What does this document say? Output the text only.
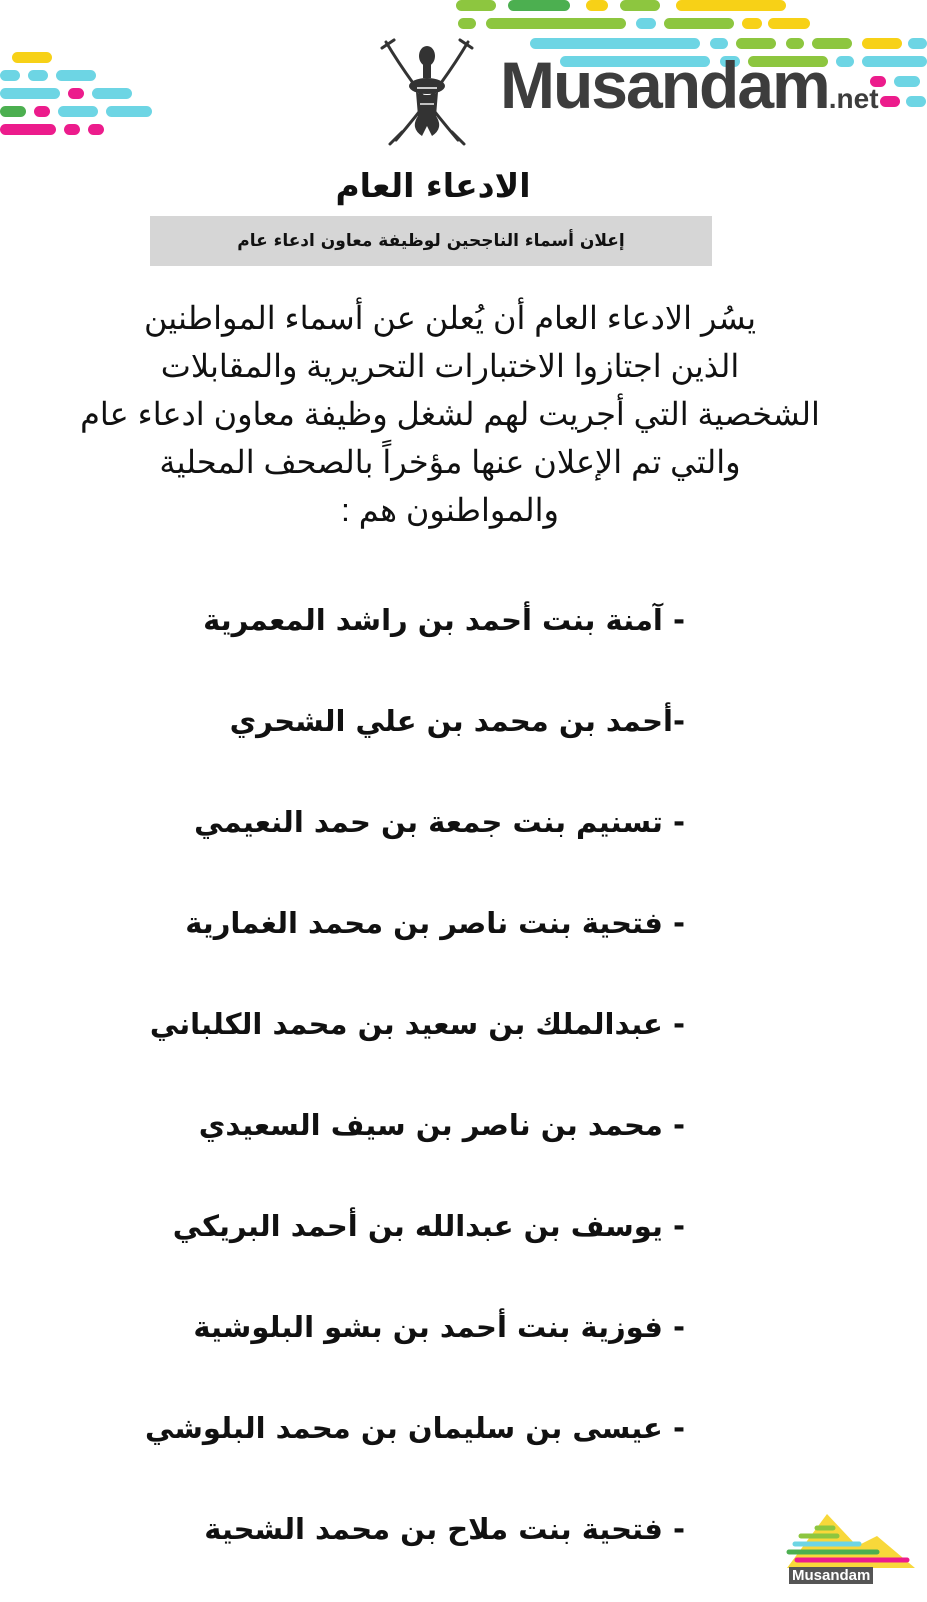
Musandam.net
الادعاء العام
إعلان أسماء الناجحين لوظيفة معاون ادعاء عام
يسُر الادعاء العام أن يُعلن عن أسماء المواطنين
الذين اجتازوا الاختبارات التحريرية والمقابلات
الشخصية التي أجريت لهم لشغل وظيفة معاون ادعاء عام
والتي تم الإعلان عنها مؤخراً بالصحف المحلية
والمواطنون هم :
- آمنة بنت أحمد بن راشد المعمرية
-أحمد بن محمد بن علي الشحري
- تسنيم بنت جمعة بن حمد النعيمي
- فتحية بنت ناصر بن محمد الغمارية
- عبدالملك بن سعيد بن محمد الكلباني
- محمد بن ناصر بن سيف السعيدي
- يوسف بن عبدالله بن أحمد البريكي
- فوزية بنت أحمد بن بشو البلوشية
- عيسى بن سليمان بن محمد البلوشي
- فتحية بنت ملاح بن محمد الشحية
Musandam
